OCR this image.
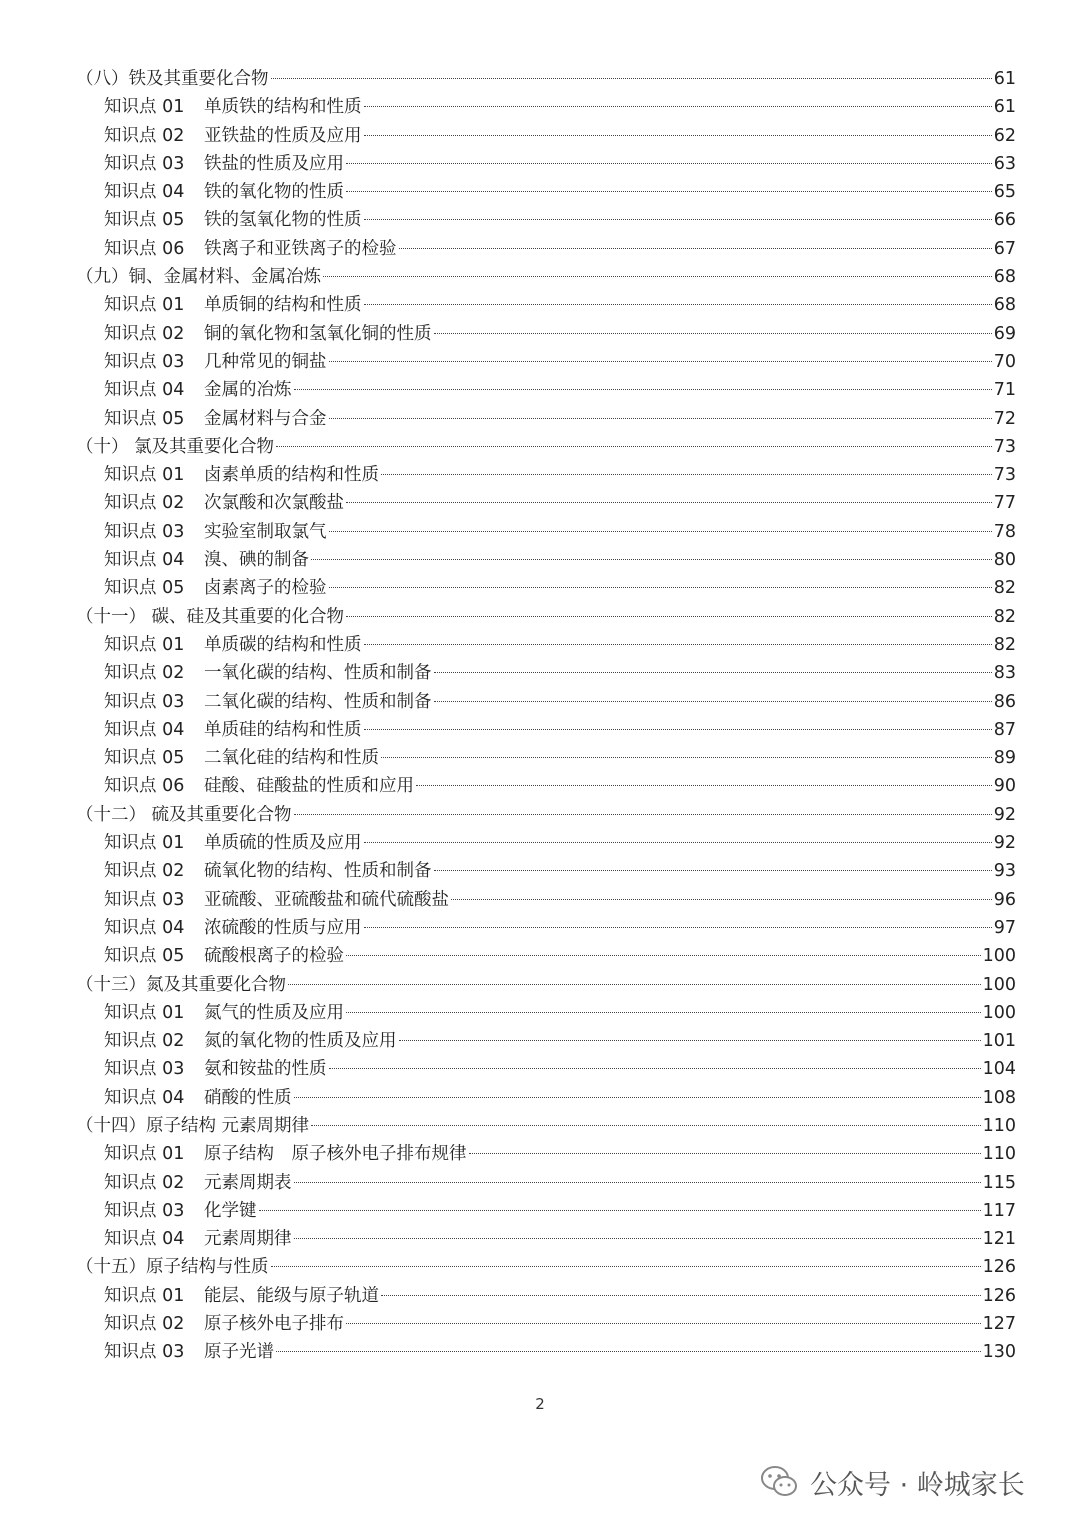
（八）铁及其重要化合物	61
知识点 01 单质铁的结构和性质	61
知识点 02 亚铁盐的性质及应用	62
知识点 03 铁盐的性质及应用	63
知识点 04 铁的氧化物的性质	65
知识点 05 铁的氢氧化物的性质	66
知识点 06 铁离子和亚铁离子的检验	67
（九）铜、金属材料、金属冶炼	68
知识点 01 单质铜的结构和性质	68
知识点 02 铜的氧化物和氢氧化铜的性质	69
知识点 03 几种常见的铜盐	70
知识点 04 金属的冶炼	71
知识点 05 金属材料与合金	72
（十） 氯及其重要化合物	73
知识点 01 卤素单质的结构和性质	73
知识点 02 次氯酸和次氯酸盐	77
知识点 03 实验室制取氯气	78
知识点 04 溴、碘的制备	80
知识点 05 卤素离子的检验	82
（十一） 碳、硅及其重要的化合物	82
知识点 01 单质碳的结构和性质	82
知识点 02 一氧化碳的结构、性质和制备	83
知识点 03 二氧化碳的结构、性质和制备	86
知识点 04 单质硅的结构和性质	87
知识点 05 二氧化硅的结构和性质	89
知识点 06 硅酸、硅酸盐的性质和应用	90
（十二） 硫及其重要化合物	92
知识点 01 单质硫的性质及应用	92
知识点 02 硫氧化物的结构、性质和制备	93
知识点 03 亚硫酸、亚硫酸盐和硫代硫酸盐	96
知识点 04 浓硫酸的性质与应用	97
知识点 05 硫酸根离子的检验	100
（十三）氮及其重要化合物	100
知识点 01 氮气的性质及应用	100
知识点 02 氮的氧化物的性质及应用	101
知识点 03 氨和铵盐的性质	104
知识点 04 硝酸的性质	108
（十四）原子结构 元素周期律	110
知识点 01 原子结构　原子核外电子排布规律	110
知识点 02 元素周期表	115
知识点 03 化学键	117
知识点 04 元素周期律	121
（十五）原子结构与性质	126
知识点 01 能层、能级与原子轨道	126
知识点 02 原子核外电子排布	127
知识点 03 原子光谱	130
2
公众号 · 岭城家长
